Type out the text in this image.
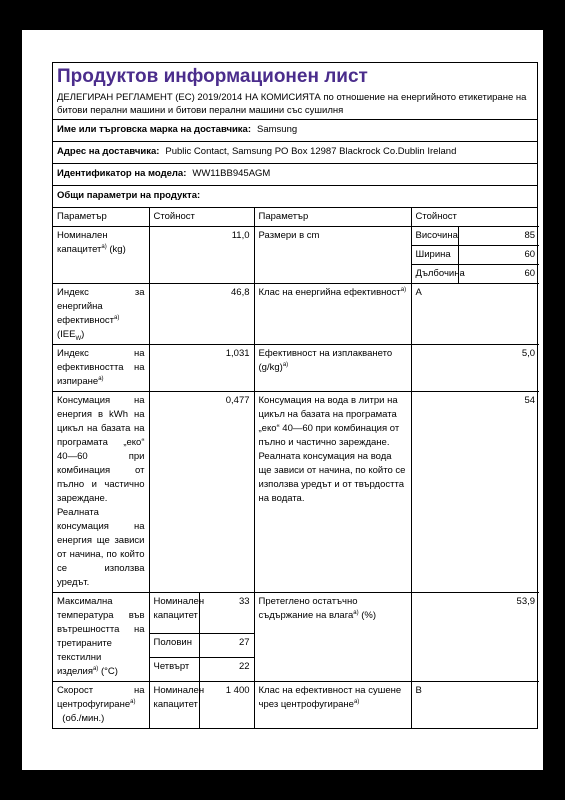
Продуктов информационен лист

ДЕЛЕГИРАН РЕГЛАМЕНТ (ЕС) 2019/2014 НА КОМИСИЯТА по отношение на енергийното етикетиране на битови перални машини и битови перални машини със сушилня

Име или търговска марка на доставчика: Samsung
Адрес на доставчика: Public Contact, Samsung PO Box 12987 Blackrock Co.Dublin Ireland
Идентификатор на модела: WW11BB945AGM
Общи параметри на продукта:
Параметър	Стойност		Параметър	Стойност	
Номинален капацитет$^{a)}$ (kg)	11,0		Размери в cm	Височина	85
				Ширина	60
				Дълбочина	60
Индекс за енергийна ефективност$^{a)}$ $(IEE_W)$	46,8		Клас на енергийна ефективност$^{a)}$	A	
Индекс на ефективността на изпиране$^{a)}$	1,031		Ефективност на изплакването $(g/kg)^{a)}$	5,0	
Консумация на енергия в kWh на цикъл на базата на програмата „еко“ 40—60 при комбинация от пълно и частично зареждане. Реалната консумация на енергия ще зависи от начина, по който се използва уредът.	0,477		Консумация на вода в литри на цикъл на базата на програмата „еко“ 40—60 при комбинация от пълно и частично зареждане. Реалната консумация на вода ще зависи от начина, по който се използва уредът и от твърдостта на водата.	54	
Максимална температура във вътрешността на третираните текстилни изделия$^{a)}$ (°C)	Номинален капацитет	33	Претеглено остатъчно съдържание на влага$^{a)}$ (%)	53,9	
	Половин	27			
	Четвърт	22			
Скорост на центрофугиране$^{a)}$
(об./мин.)	Номинален капацитет	1 400	Клас на ефективност на сушене чрез центрофугиране$^{a)}$	B	
